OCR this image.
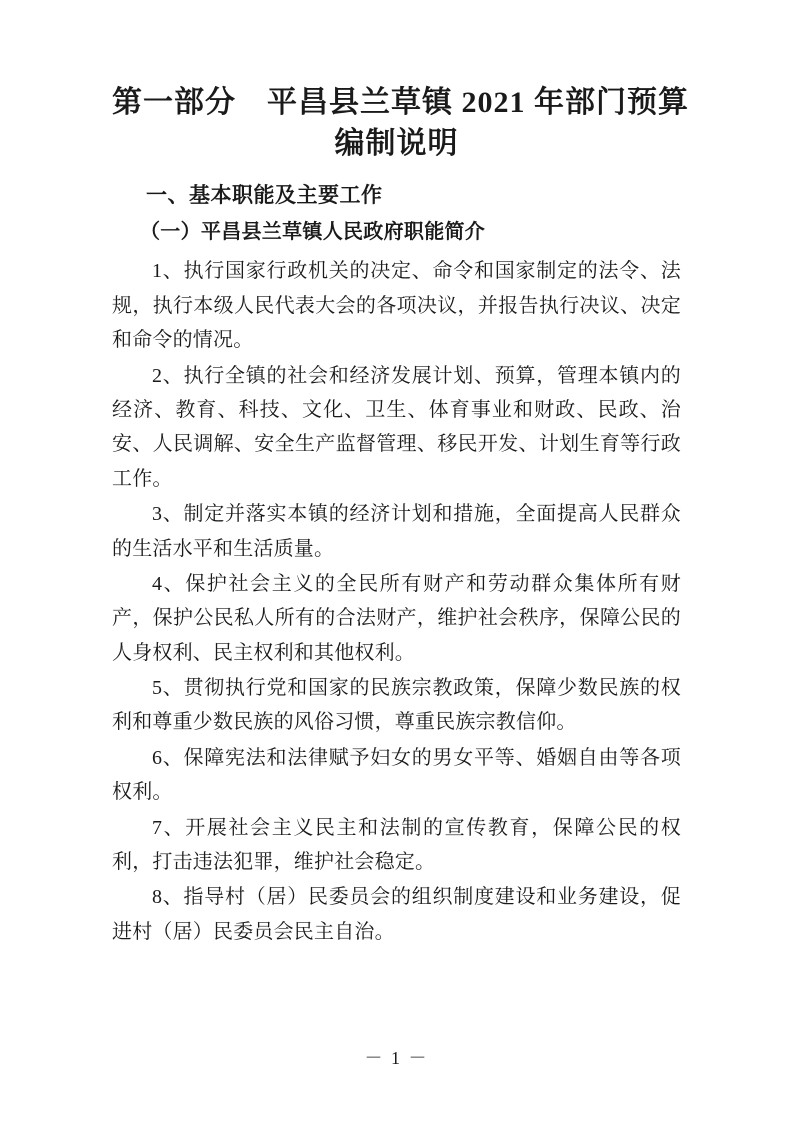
第一部分　平昌县兰草镇 2021 年部门预算
编制说明
一、基本职能及主要工作
（一）平昌县兰草镇人民政府职能简介

1、执行国家行政机关的决定、命令和国家制定的法令、法规，执行本级人民代表大会的各项决议，并报告执行决议、决定和命令的情况。

2、执行全镇的社会和经济发展计划、预算，管理本镇内的经济、教育、科技、文化、卫生、体育事业和财政、民政、治安、人民调解、安全生产监督管理、移民开发、计划生育等行政工作。

3、制定并落实本镇的经济计划和措施，全面提高人民群众的生活水平和生活质量。

4、保护社会主义的全民所有财产和劳动群众集体所有财产，保护公民私人所有的合法财产，维护社会秩序，保障公民的人身权利、民主权利和其他权利。

5、贯彻执行党和国家的民族宗教政策，保障少数民族的权利和尊重少数民族的风俗习惯，尊重民族宗教信仰。

6、保障宪法和法律赋予妇女的男女平等、婚姻自由等各项权利。

7、开展社会主义民主和法制的宣传教育，保障公民的权利，打击违法犯罪，维护社会稳定。

8、指导村（居）民委员会的组织制度建设和业务建设，促进村（居）民委员会民主自治。

－ 1 －
